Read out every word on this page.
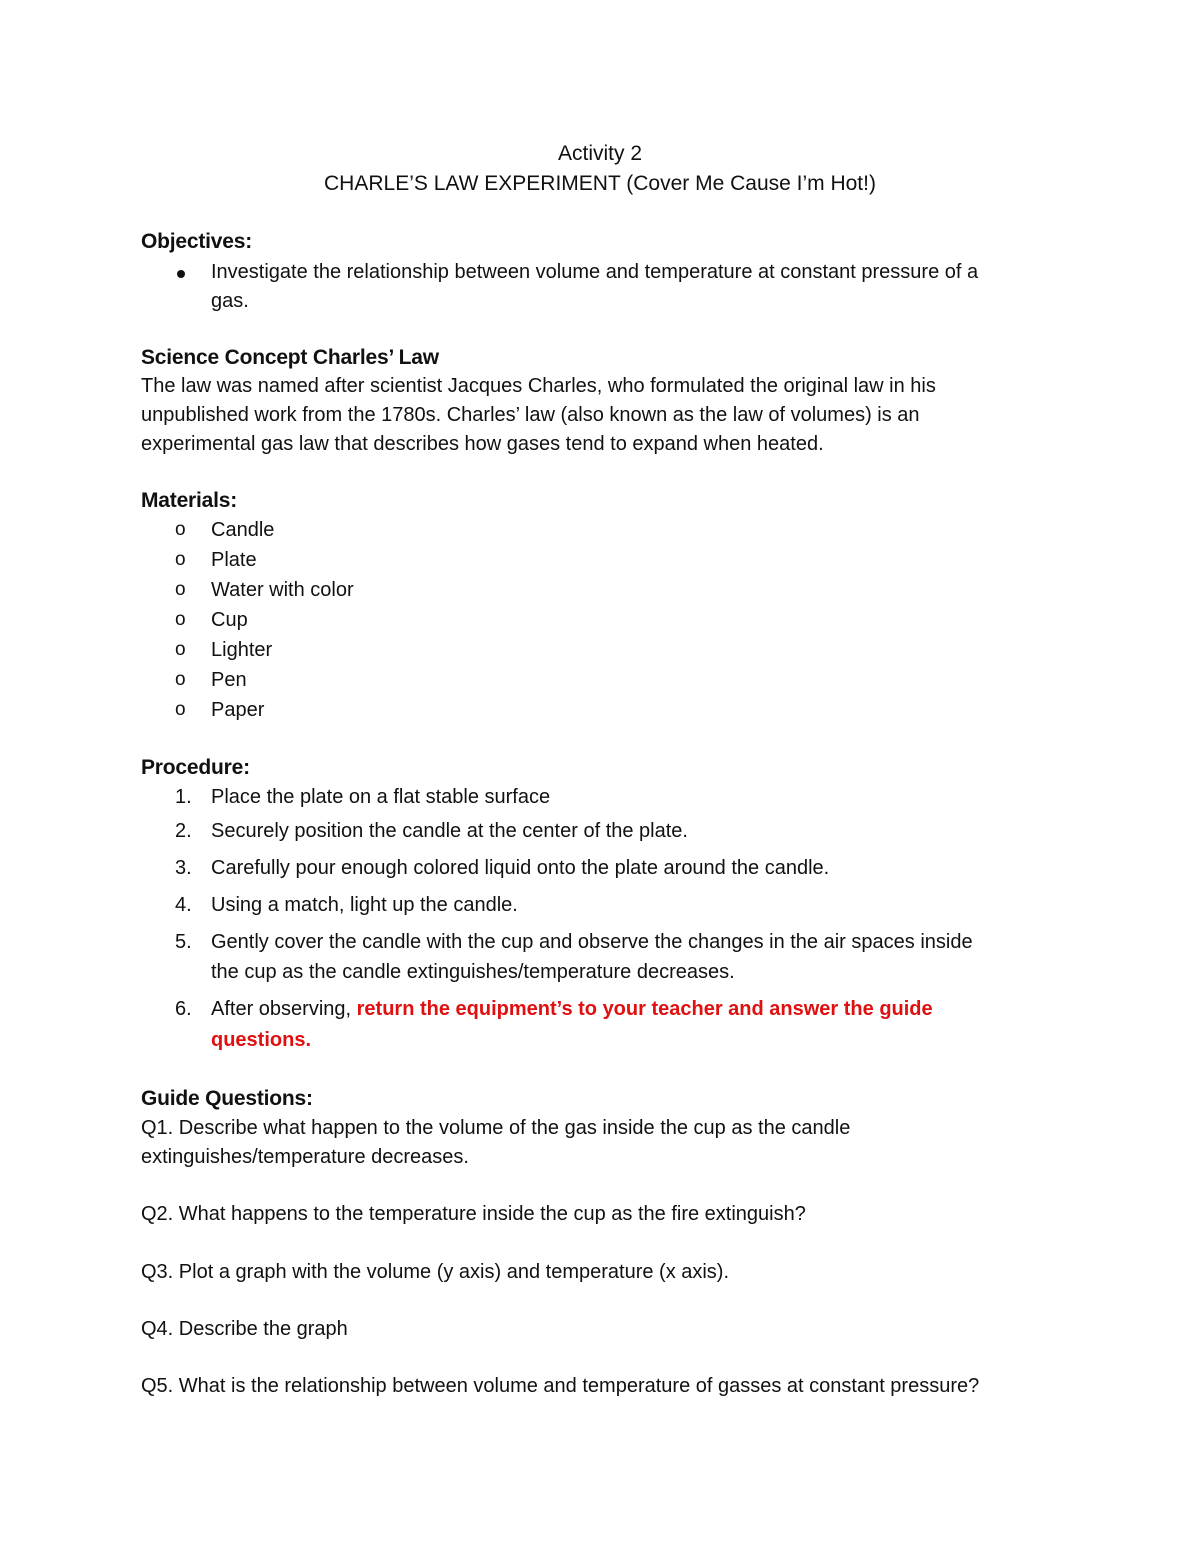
Activity 2
CHARLE’S LAW EXPERIMENT (Cover Me Cause I’m Hot!)
Objectives:
Investigate the relationship between volume and temperature at constant pressure of a
gas.
Science Concept Charles’ Law
The law was named after scientist Jacques Charles, who formulated the original law in his
unpublished work from the 1780s. Charles’ law (also known as the law of volumes) is an
experimental gas law that describes how gases tend to expand when heated.
Materials:
o Candle
o Plate
o Water with color
o Cup
o Lighter
o Pen
o Paper
Procedure:
1. Place the plate on a flat stable surface
2. Securely position the candle at the center of the plate.
3. Carefully pour enough colored liquid onto the plate around the candle.
4. Using a match, light up the candle.
5. Gently cover the candle with the cup and observe the changes in the air spaces inside
the cup as the candle extinguishes/temperature decreases.
6. After observing, return the equipment’s to your teacher and answer the guide
questions.
Guide Questions:
Q1. Describe what happen to the volume of the gas inside the cup as the candle
extinguishes/temperature decreases.
Q2. What happens to the temperature inside the cup as the fire extinguish?
Q3. Plot a graph with the volume (y axis) and temperature (x axis).
Q4. Describe the graph
Q5. What is the relationship between volume and temperature of gasses at constant pressure?
